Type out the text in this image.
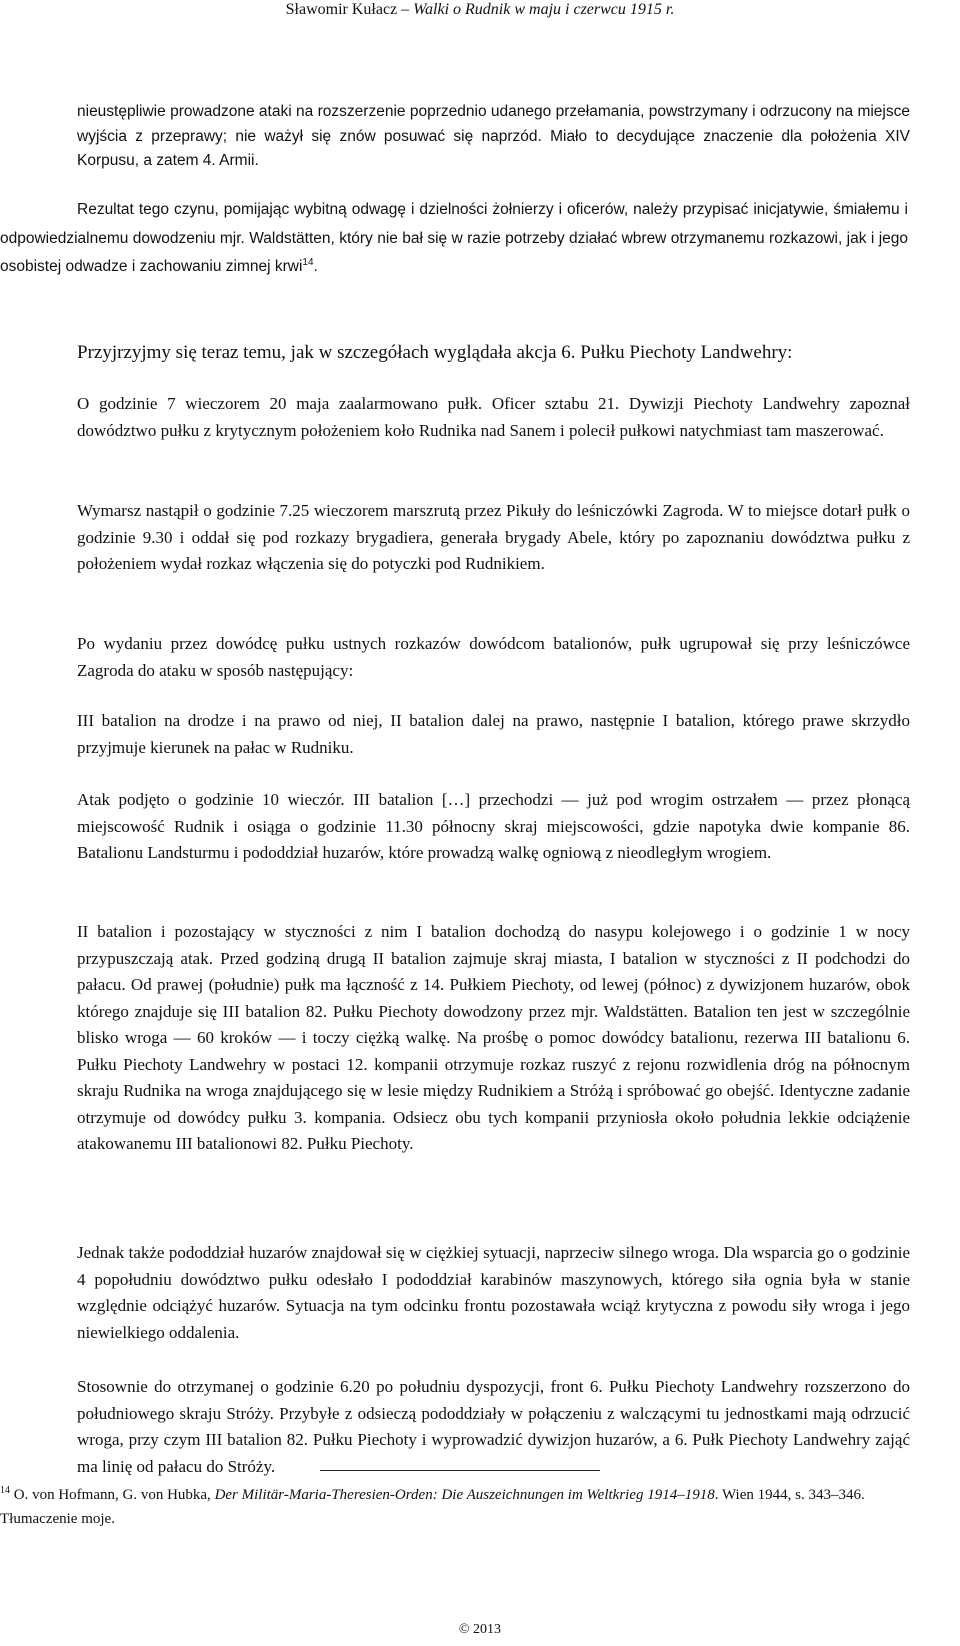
Sławomir Kułacz – Walki o Rudnik w maju i czerwcu 1915 r.

nieustępliwie prowadzone ataki na rozszerzenie poprzednio udanego przełamania, powstrzymany i odrzucony na miejsce wyjścia z przeprawy; nie ważył się znów posuwać się naprzód. Miało to decydujące znaczenie dla położenia XIV Korpusu, a zatem 4. Armii.

Rezultat tego czynu, pomijając wybitną odwagę i dzielności żołnierzy i oficerów, należy przypisać inicjatywie, śmiałemu i odpowiedzialnemu dowodzeniu mjr. Waldstätten, który nie bał się w razie potrzeby działać wbrew otrzymanemu rozkazowi, jak i jego osobistej odwadze i zachowaniu zimnej krwi$^{14}$.

Przyjrzyjmy się teraz temu, jak w szczegółach wyglądała akcja 6. Pułku Piechoty Landwehry:

O godzinie 7 wieczorem 20 maja zaalarmowano pułk. Oficer sztabu 21. Dywizji Piechoty Landwehry zapoznał dowództwo pułku z krytycznym położeniem koło Rudnika nad Sanem i polecił pułkowi natychmiast tam maszerować.

Wymarsz nastąpił o godzinie 7.25 wieczorem marszrutą przez Pikuły do leśniczówki Zagroda. W to miejsce dotarł pułk o godzinie 9.30 i oddał się pod rozkazy brygadiera, generała brygady Abele, który po zapoznaniu dowództwa pułku z położeniem wydał rozkaz włączenia się do potyczki pod Rudnikiem.

Po wydaniu przez dowódcę pułku ustnych rozkazów dowódcom batalionów, pułk ugrupował się przy leśniczówce Zagroda do ataku w sposób następujący:

III batalion na drodze i na prawo od niej, II batalion dalej na prawo, następnie I batalion, którego prawe skrzydło przyjmuje kierunek na pałac w Rudniku.

Atak podjęto o godzinie 10 wieczór. III batalion […] przechodzi — już pod wrogim ostrzałem — przez płonącą miejscowość Rudnik i osiąga o godzinie 11.30 północny skraj miejscowości, gdzie napotyka dwie kompanie 86. Batalionu Landsturmu i pododdział huzarów, które prowadzą walkę ogniową z nieodległym wrogiem.

II batalion i pozostający w styczności z nim I batalion dochodzą do nasypu kolejowego i o godzinie 1 w nocy przypuszczają atak. Przed godziną drugą II batalion zajmuje skraj miasta, I batalion w styczności z II podchodzi do pałacu. Od prawej (południe) pułk ma łączność z 14. Pułkiem Piechoty, od lewej (północ) z dywizjonem huzarów, obok którego znajduje się III batalion 82. Pułku Piechoty dowodzony przez mjr. Waldstätten. Batalion ten jest w szczególnie blisko wroga — 60 kroków — i toczy ciężką walkę. Na prośbę o pomoc dowódcy batalionu, rezerwa III batalionu 6. Pułku Piechoty Landwehry w postaci 12. kompanii otrzymuje rozkaz ruszyć z rejonu rozwidlenia dróg na północnym skraju Rudnika na wroga znajdującego się w lesie między Rudnikiem a Stróżą i spróbować go obejść. Identyczne zadanie otrzymuje od dowódcy pułku 3. kompania. Odsiecz obu tych kompanii przyniosła około południa lekkie odciążenie atakowanemu III batalionowi 82. Pułku Piechoty.

Jednak także pododdział huzarów znajdował się w ciężkiej sytuacji, naprzeciw silnego wroga. Dla wsparcia go o godzinie 4 popołudniu dowództwo pułku odesłało I pododdział karabinów maszynowych, którego siła ognia była w stanie względnie odciążyć huzarów. Sytuacja na tym odcinku frontu pozostawała wciąż krytyczna z powodu siły wroga i jego niewielkiego oddalenia.

Stosownie do otrzymanej o godzinie 6.20 po południu dyspozycji, front 6. Pułku Piechoty Landwehry rozszerzono do południowego skraju Stróży. Przybyłe z odsieczą pododdziały w połączeniu z walczącymi tu jednostkami mają odrzucić wroga, przy czym III batalion 82. Pułku Piechoty i wyprowadzić dywizjon huzarów, a 6. Pułk Piechoty Landwehry zająć ma linię od pałacu do Stróży.

$^{14}$ O. von Hofmann, G. von Hubka, Der Militär-Maria-Theresien-Orden: Die Auszeichnungen im Weltkrieg 1914–1918. Wien 1944, s. 343–346. Tłumaczenie moje.

© 2013
